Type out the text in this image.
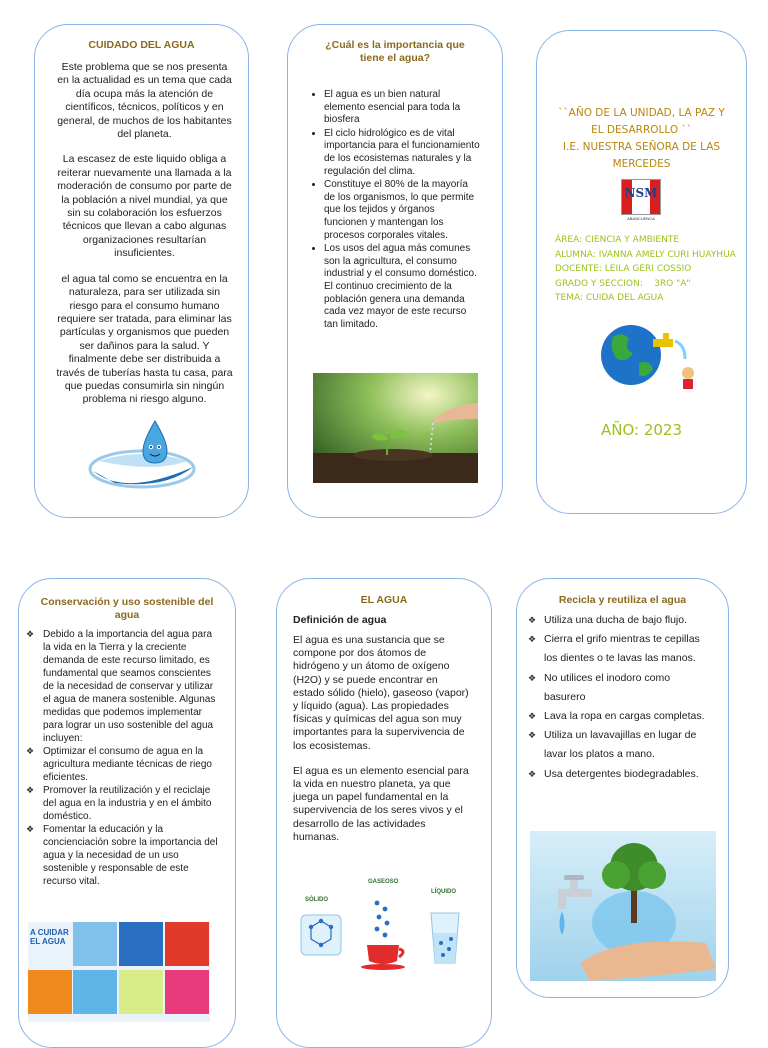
CUIDADO DEL AGUA

Este problema que se nos presenta en la actualidad es un tema que cada día ocupa más la atención de científicos, técnicos, políticos y en general, de muchos de los habitantes del planeta.

La escasez de este liquido obliga a reiterar nuevamente una llamada a la moderación de consumo por parte de la población a nivel mundial, ya que sin su colaboración los esfuerzos técnicos que llevan a cabo algunas organizaciones resultarían insuficientes.

el agua tal como se encuentra en la naturaleza, para ser utilizada sin riesgo para el consumo humano requiere ser tratada, para eliminar las partículas y organismos que pueden ser dañinos para la salud. Y finalmente debe ser distribuida a través de tuberías hasta tu casa, para que puedas consumirla sin ningún problema ni riesgo alguno.

¿Cuál es la importancia que tiene el agua?
• El agua es un bien natural elemento esencial para toda la biosfera
• El ciclo hidrológico es de vital importancia para el funcionamiento de los ecosistemas naturales y la regulación del clima.
• Constituye el 80% de la mayoría de los organismos, lo que permite que los tejidos y órganos funcionen y mantengan los procesos corporales vitales.
• Los usos del agua más comunes son la agricultura, el consumo industrial y el consumo doméstico. El continuo crecimiento de la población genera una demanda cada vez mayor de este recurso tan limitado.
``AÑO DE LA UNIDAD, LA PAZ Y EL DESARROLLO ``
I.E. NUESTRA SEÑORA DE LAS MERCEDES
NSM
ABANCUENCA
ÁREA: CIENCIA Y AMBIENTE
ALUMNA: IVANNA AMELY CURI HUAYHUA
DOCENTE: LEILA GERI COSSIO
GRADO Y SECCION:    3RO "A"
TEMA: CUIDA DEL AGUA
AÑO: 2023
Conservación y uso sostenible del agua
❖ Debido a la importancia del agua para la vida en la Tierra y la creciente demanda de este recurso limitado, es fundamental que seamos conscientes de la necesidad de conservar y utilizar el agua de manera sostenible. Algunas medidas que podemos implementar para lograr un uso sostenible del agua incluyen:
❖ Optimizar el consumo de agua en la agricultura mediante técnicas de riego eficientes.
❖ Promover la reutilización y el reciclaje del agua en la industria y en el ámbito doméstico.
❖ Fomentar la educación y la concienciación sobre la importancia del agua y la necesidad de un uso sostenible y responsable de este recurso vital.
A CUIDAR EL AGUA
EL AGUA
Definición de agua

El agua es una sustancia que se compone por dos átomos de hidrógeno y un átomo de oxígeno (H2O) y se puede encontrar en estado sólido (hielo), gaseoso (vapor) y líquido (agua). Las propiedades físicas y químicas del agua son muy importantes para la supervivencia de los ecosistemas.

El agua es un elemento esencial para la vida en nuestro planeta, ya que juega un papel fundamental en la supervivencia de los seres vivos y el desarrollo de las actividades humanas.

GASEOSO
SÓLIDO
LÍQUIDO
Recicla y reutiliza el agua
❖ Utiliza una ducha de bajo flujo.
❖ Cierra el grifo mientras te cepillas los dientes o te lavas las manos.
❖ No utilices el inodoro como basurero
❖ Lava la ropa en cargas completas.
❖ Utiliza un lavavajillas en lugar de lavar los platos a mano.
❖ Usa detergentes biodegradables.
